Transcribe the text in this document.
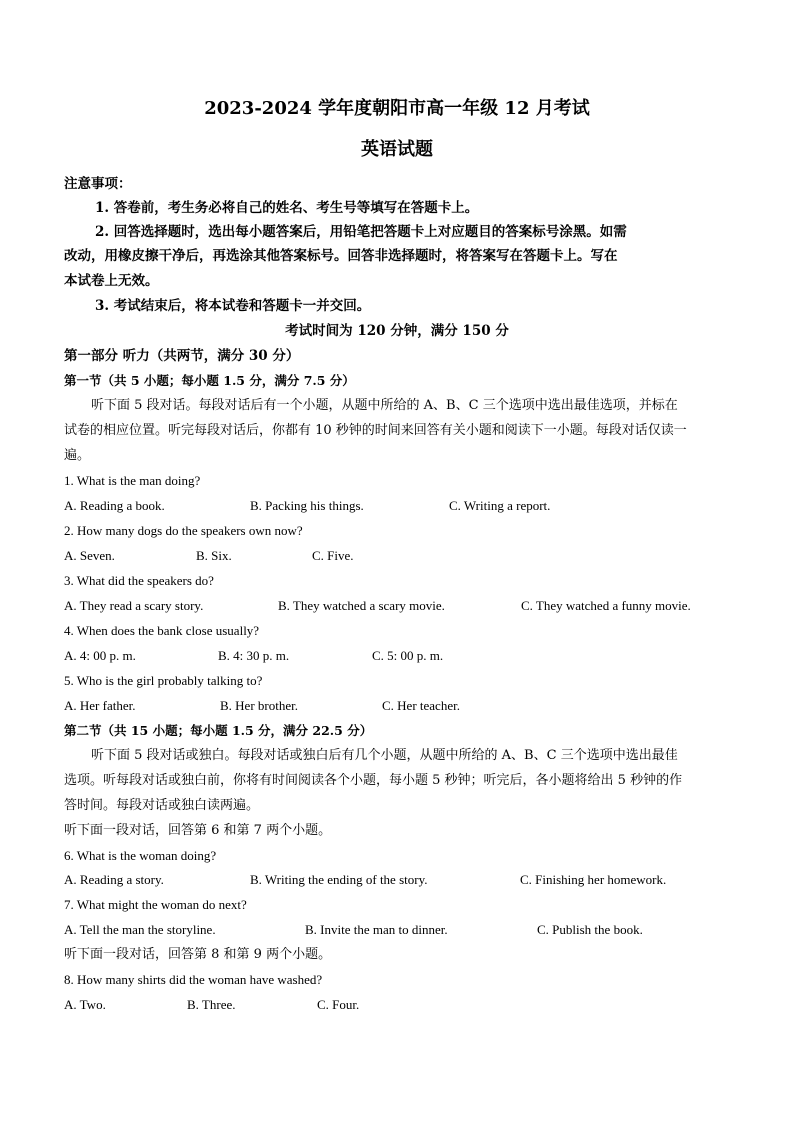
2023-2024 学年度朝阳市高一年级 12 月考试
英语试题
注意事项：
1. 答卷前，考生务必将自己的姓名、考生号等填写在答题卡上。
2. 回答选择题时，选出每小题答案后，用铅笔把答题卡上对应题目的答案标号涂黑。如需
改动，用橡皮擦干净后，再选涂其他答案标号。回答非选择题时，将答案写在答题卡上。写在
本试卷上无效。
3. 考试结束后，将本试卷和答题卡一并交回。
考试时间为 120 分钟，满分 150 分
第一部分 听力（共两节，满分 30 分）
第一节（共 5 小题；每小题 1.5 分，满分 7.5 分）
听下面 5 段对话。每段对话后有一个小题，从题中所给的 A、B、C 三个选项中选出最佳选项，并标在
试卷的相应位置。听完每段对话后，你都有 10 秒钟的时间来回答有关小题和阅读下一小题。每段对话仅读一
遍。
1. What is the man doing?
A. Reading a book.	B. Packing his things.	C. Writing a report.
2. How many dogs do the speakers own now?
A. Seven.	B. Six.	C. Five.
3. What did the speakers do?
A. They read a scary story.	B. They watched a scary movie.	C. They watched a funny movie.
4. When does the bank close usually?
A. 4: 00 p. m.	B. 4: 30 p. m.	C. 5: 00 p. m.
5. Who is the girl probably talking to?
A. Her father.	B. Her brother.	C. Her teacher.
第二节（共 15 小题；每小题 1.5 分，满分 22.5 分）
听下面 5 段对话或独白。每段对话或独白后有几个小题，从题中所给的 A、B、C 三个选项中选出最佳
选项。听每段对话或独白前，你将有时间阅读各个小题，每小题 5 秒钟；听完后，各小题将给出 5 秒钟的作
答时间。每段对话或独白读两遍。
听下面一段对话，回答第 6 和第 7 两个小题。
6. What is the woman doing?
A. Reading a story.	B. Writing the ending of the story.	C. Finishing her homework.
7. What might the woman do next?
A. Tell the man the storyline.	B. Invite the man to dinner.	C. Publish the book.
听下面一段对话，回答第 8 和第 9 两个小题。
8. How many shirts did the woman have washed?
A. Two.	B. Three.	C. Four.
